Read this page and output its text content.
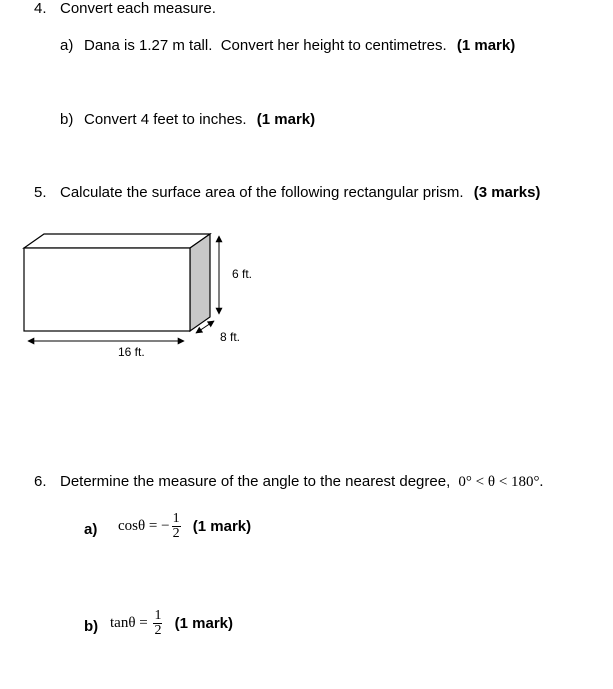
4. Convert each measure.
a) Dana is 1.27 m tall.  Convert her height to centimetres. (1 mark)
b) Convert 4 feet to inches. (1 mark)
5. Calculate the surface area of the following rectangular prism. (3 marks)
6 ft.
8 ft.
16 ft.
6. Determine the measure of the angle to the nearest degree, 0° < θ < 180°.
a) cosθ = − $\frac{1}{2} (1$ mark)
b) $\tan\theta = \frac{1}{2} (1$ mark)
